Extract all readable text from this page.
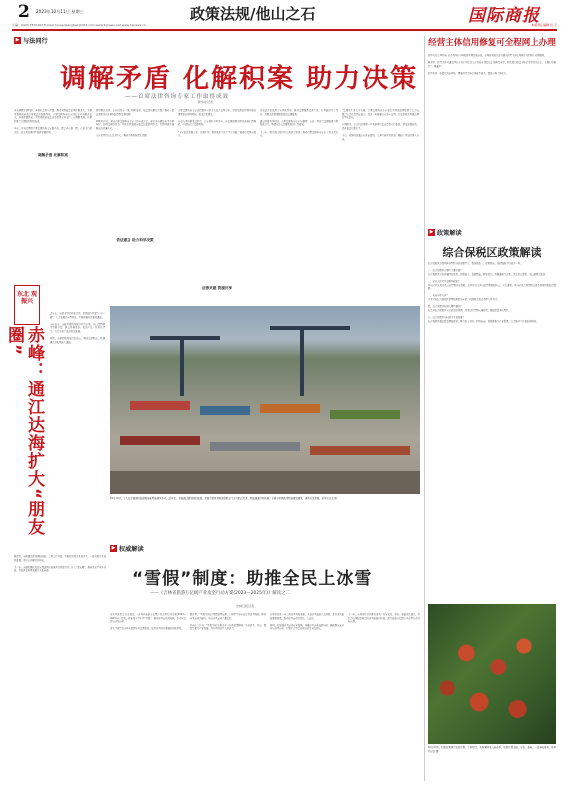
2 2023年10月11日 星期三	政策法规/他山之石	国际商报
主编：0433-7537167 E-mail: luneenjiangbao@163.com www.lnjnews.net www.lnjnews.cn	本版责任编辑 包 玉
▶ 与法同行
调解矛盾 化解积案 助力决策
——首席法律咨询专家工作取得成效
新华社记者
当前调解矛盾纠纷，商务社会秩序问题，推进全面依法治国不断深入，各级党委和政府高度重视法治保障作用。首席法律咨询专家制度在全省推开以来，各地积极探索，为党委政府依法决策提供专业支持，在调解矛盾、化解积案等方面取得明显成效。

当前，全省已聘请首席法律咨询专家数百名，覆盖省市县三级，在重大行政决策、重大项目推进中发挥重要作用。
面对群众诉求，专家们深入一线，倾听诉求，依法提出解决方案，推动一批长期积压的矛盾纠纷得到妥善化解。

2023年1月，某市首席法律咨询专家工作室成立后，累计参与调处各类矛盾纠纷，提供法律意见书，为地方党委政府依法决策提供参考，得到基层干部群众的普遍认可。

专家们坚持以人民为中心，推动矛盾纠纷源头化解。
首席法律咨询专家还积极参与重大决策合法性审查，对涉及群众切身利益的事项提前研判风险，提出意见建议。

在重大项目推进过程中，专家团队全程参与，从法律层面为项目落地扫清障碍，有效防范了法律风险。

“专家的意见很专业，也很中肯，帮助我们少走了不少弯路。”某县负责同志表示。
各地还注重发挥专家团队作用，推动法律服务资源下沉，在基层设立工作站，为群众提供便捷高效的法律服务。

通过共建共享机制，首席法律咨询专家与律师、公证、仲裁等法律服务力量形成合力，构建起多元化解纠纷的工作格局。

下一步，相关部门将持续完善制度机制，推动首席法律咨询专家工作走深走实。
“法律的生命在于实施，首席法律咨询专家制度为基层治理提供了有力支撑。”有关负责同志表示，将进一步拓展专家参与范围，让法治成为基层治理的坚实底色。

在调研中，专家们还发现一些基层单位法治意识有待提高，建议加强培训，提升依法行政水平。

今后，将继续加强专家队伍建设，完善考核评价机制，确保工作取得更大实效。
东北 观振兴
赤峰：通江达海扩大“朋友圈”
近年来，赤峰市坚持开放合作，积极融入共建“一带一路”，大力发展外向型经济，不断拓展对外贸易通道。

今年以来，赤峰中欧班列累计开行多列，出口货物种类不断丰富，涵盖机械设备、农副产品、日用百货等，有力带动了地方经济发展。

同时，赤峰积极对接沿海港口，推动海铁联运，打通通江达海物流大通道。
据介绍，赤峰通过建设国际陆港、完善口岸功能，不断提升对外开放水平，一批外贸企业加快发展，进出口总额持续增长。

下一步，赤峰将继续深化与周边国家和地区的经贸合作，扩大“朋友圈”，推动高水平对外开放，为地区高质量发展注入新动能。
10月10日，工人在赤峰国际陆港集装箱物流园区作业。近年来，赤峰通过建设国际陆港，发展中欧班列和海铁联运等多式联运业务，物流通道持续拓展。赤峰市积极推进物流枢纽建设，推动外贸发展。新华社记者 摄
▶ 权威解读
“雪假”制度：助推全民上冰雪
——《吉林省旅游万亿级产业攻坚行动方案(2023—2025年)》解读之二
吉林日报记者
冰天雪地也是金山银山。《吉林省旅游万亿级产业攻坚行动方案(2023—2025年)》提出，探索设立中小学“雪假”，推动冰雪运动进校园，带动全民参与冰雪运动。

设立“雪假”是吉林省发挥冰雪资源优势、促进冰雪经济发展的创新举措。
据介绍，“雪假”将结合寒假统筹安排，引导学生和家长走进冰雪场地，体验冰雪运动的魅力，培养冰雪运动兴趣爱好。

业内人士认为，“雪假”制度有助于扩大冰雪消费群体，带动滑雪、住宿、餐饮等相关产业发展，为冰雪经济注入新活力。
吉林省将进一步完善冰雪场地设施，丰富冰雪旅游产品供给，提升冰雪旅游服务质量，推动冰雪运动普及化、大众化。

同时，将加强冰雪运动安全保障，开展冰雪运动技能培训，确保群众安全参与冰雪运动，让更多人享受冰雪运动带来的快乐。
下一步，吉林省将持续推动冰雪产业与文化、体育、旅游深度融合，打造具有国际影响力的冰雪旅游目的地，助力旅游万亿级产业攻坚行动目标实现。
经营主体信用修复可全程网上办理
新华社北京10月电 记者从国家市场监督管理总局获悉，市场监管部门近日推出经营主体信用修复全程网上办理服务。

据介绍，经营主体可通过国家企业信用信息公示系统在线提交信用修复申请，相关部门依法审核后及时作出决定，实现信用修复“一网通办”。

此举将进一步优化营商环境，降低经营主体信用修复成本，激发市场主体活力。
▶ 政策解读
综合保税区政策解读
综合保税区是我国开放型经济的重要平台，集保税加工、保税物流、保税服务等功能于一体。

一、综合保税区有哪些主要功能？
综合保税区可以开展国际贸易、保税加工、保税物流、研发设计、检测维修等业务，享受进口保税、出口退税等政策。

二、企业入区可享受哪些政策？
区内企业从境外进口的货物予以保税，从区外进入区内的货物视同出口，实行退税。区内企业之间货物交易不征增值税和消费税。

三、如何申请入区？
企业可向综合保税区管理机构提出申请，按照相关规定办理入区手续。

四、综合保税区监管有哪些要求？
海关对综合保税区实行封闭式管理，对进出区货物实施监管，确保政策落实到位。

五、综合保税区如何助力外贸发展？
综合保税区通过政策叠加优势，吸引加工制造、跨境电商、保税维修等产业集聚，有力推动了外贸提质增效。
10月10日，村民在果园中采摘苹果。金秋时节，各地果园进入收获季，村民忙着采摘、分拣、装箱，一派丰收景象。新华社记者 摄
调解矛盾 化解积案
依法建言 助力科学决策
法律共建 资源共享
